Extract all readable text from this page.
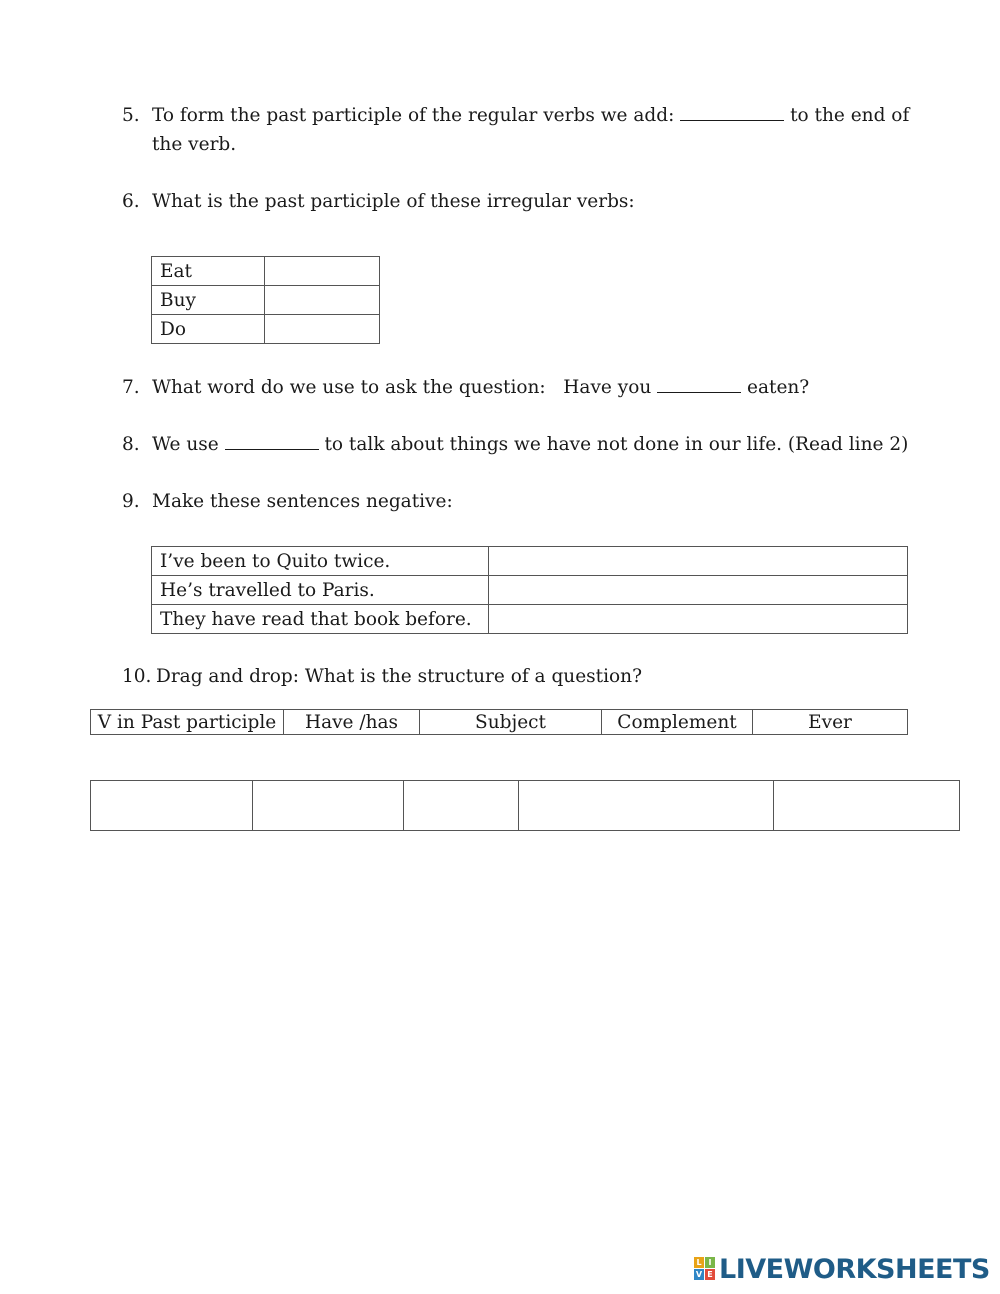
5. To form the past participle of the regular verbs we add:	to the end of
the verb.
6. What is the past participle of these irregular verbs:
Eat	
Buy	
Do	
7. What word do we use to ask the question:   Have you	eaten?
8. We use	to talk about things we have not done in our life. (Read line 2)
9. Make these sentences negative:
I’ve been to Quito twice.	
He’s travelled to Paris.	
They have read that book before.	
10. Drag and drop: What is the structure of a question?
V in Past participle	Have /has	Subject	Complement	Ever

L I
V E LIVEWORKSHEETS
